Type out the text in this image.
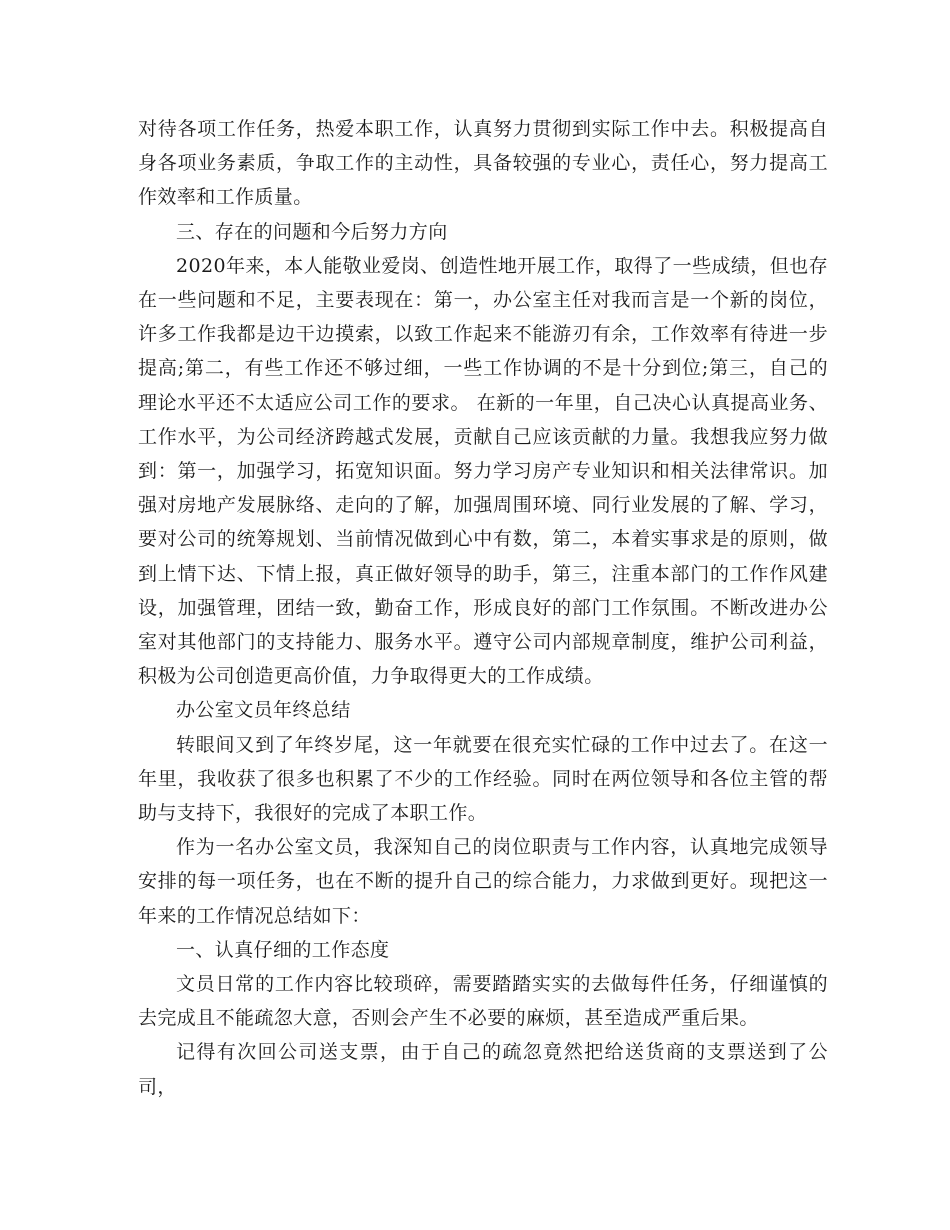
对待各项工作任务，热爱本职工作，认真努力贯彻到实际工作中去。积极提高自身各项业务素质，争取工作的主动性，具备较强的专业心，责任心，努力提高工作效率和工作质量。

三、存在的问题和今后努力方向

2020年来，本人能敬业爱岗、创造性地开展工作，取得了一些成绩，但也存在一些问题和不足，主要表现在：第一，办公室主任对我而言是一个新的岗位，许多工作我都是边干边摸索，以致工作起来不能游刃有余，工作效率有待进一步提高;第二，有些工作还不够过细，一些工作协调的不是十分到位;第三，自己的理论水平还不太适应公司工作的要求。 在新的一年里，自己决心认真提高业务、工作水平，为公司经济跨越式发展，贡献自己应该贡献的力量。我想我应努力做到：第一，加强学习，拓宽知识面。努力学习房产专业知识和相关法律常识。加强对房地产发展脉络、走向的了解，加强周围环境、同行业发展的了解、学习，要对公司的统筹规划、当前情况做到心中有数，第二，本着实事求是的原则，做到上情下达、下情上报，真正做好领导的助手，第三，注重本部门的工作作风建设，加强管理，团结一致，勤奋工作，形成良好的部门工作氛围。不断改进办公室对其他部门的支持能力、服务水平。遵守公司内部规章制度，维护公司利益，积极为公司创造更高价值，力争取得更大的工作成绩。

办公室文员年终总结

转眼间又到了年终岁尾，这一年就要在很充实忙碌的工作中过去了。在这一年里，我收获了很多也积累了不少的工作经验。同时在两位领导和各位主管的帮助与支持下，我很好的完成了本职工作。

作为一名办公室文员，我深知自己的岗位职责与工作内容，认真地完成领导安排的每一项任务，也在不断的提升自己的综合能力，力求做到更好。现把这一年来的工作情况总结如下：

一、认真仔细的工作态度

文员日常的工作内容比较琐碎，需要踏踏实实的去做每件任务，仔细谨慎的去完成且不能疏忽大意，否则会产生不必要的麻烦，甚至造成严重后果。

记得有次回公司送支票，由于自己的疏忽竟然把给送货商的支票送到了公司，
